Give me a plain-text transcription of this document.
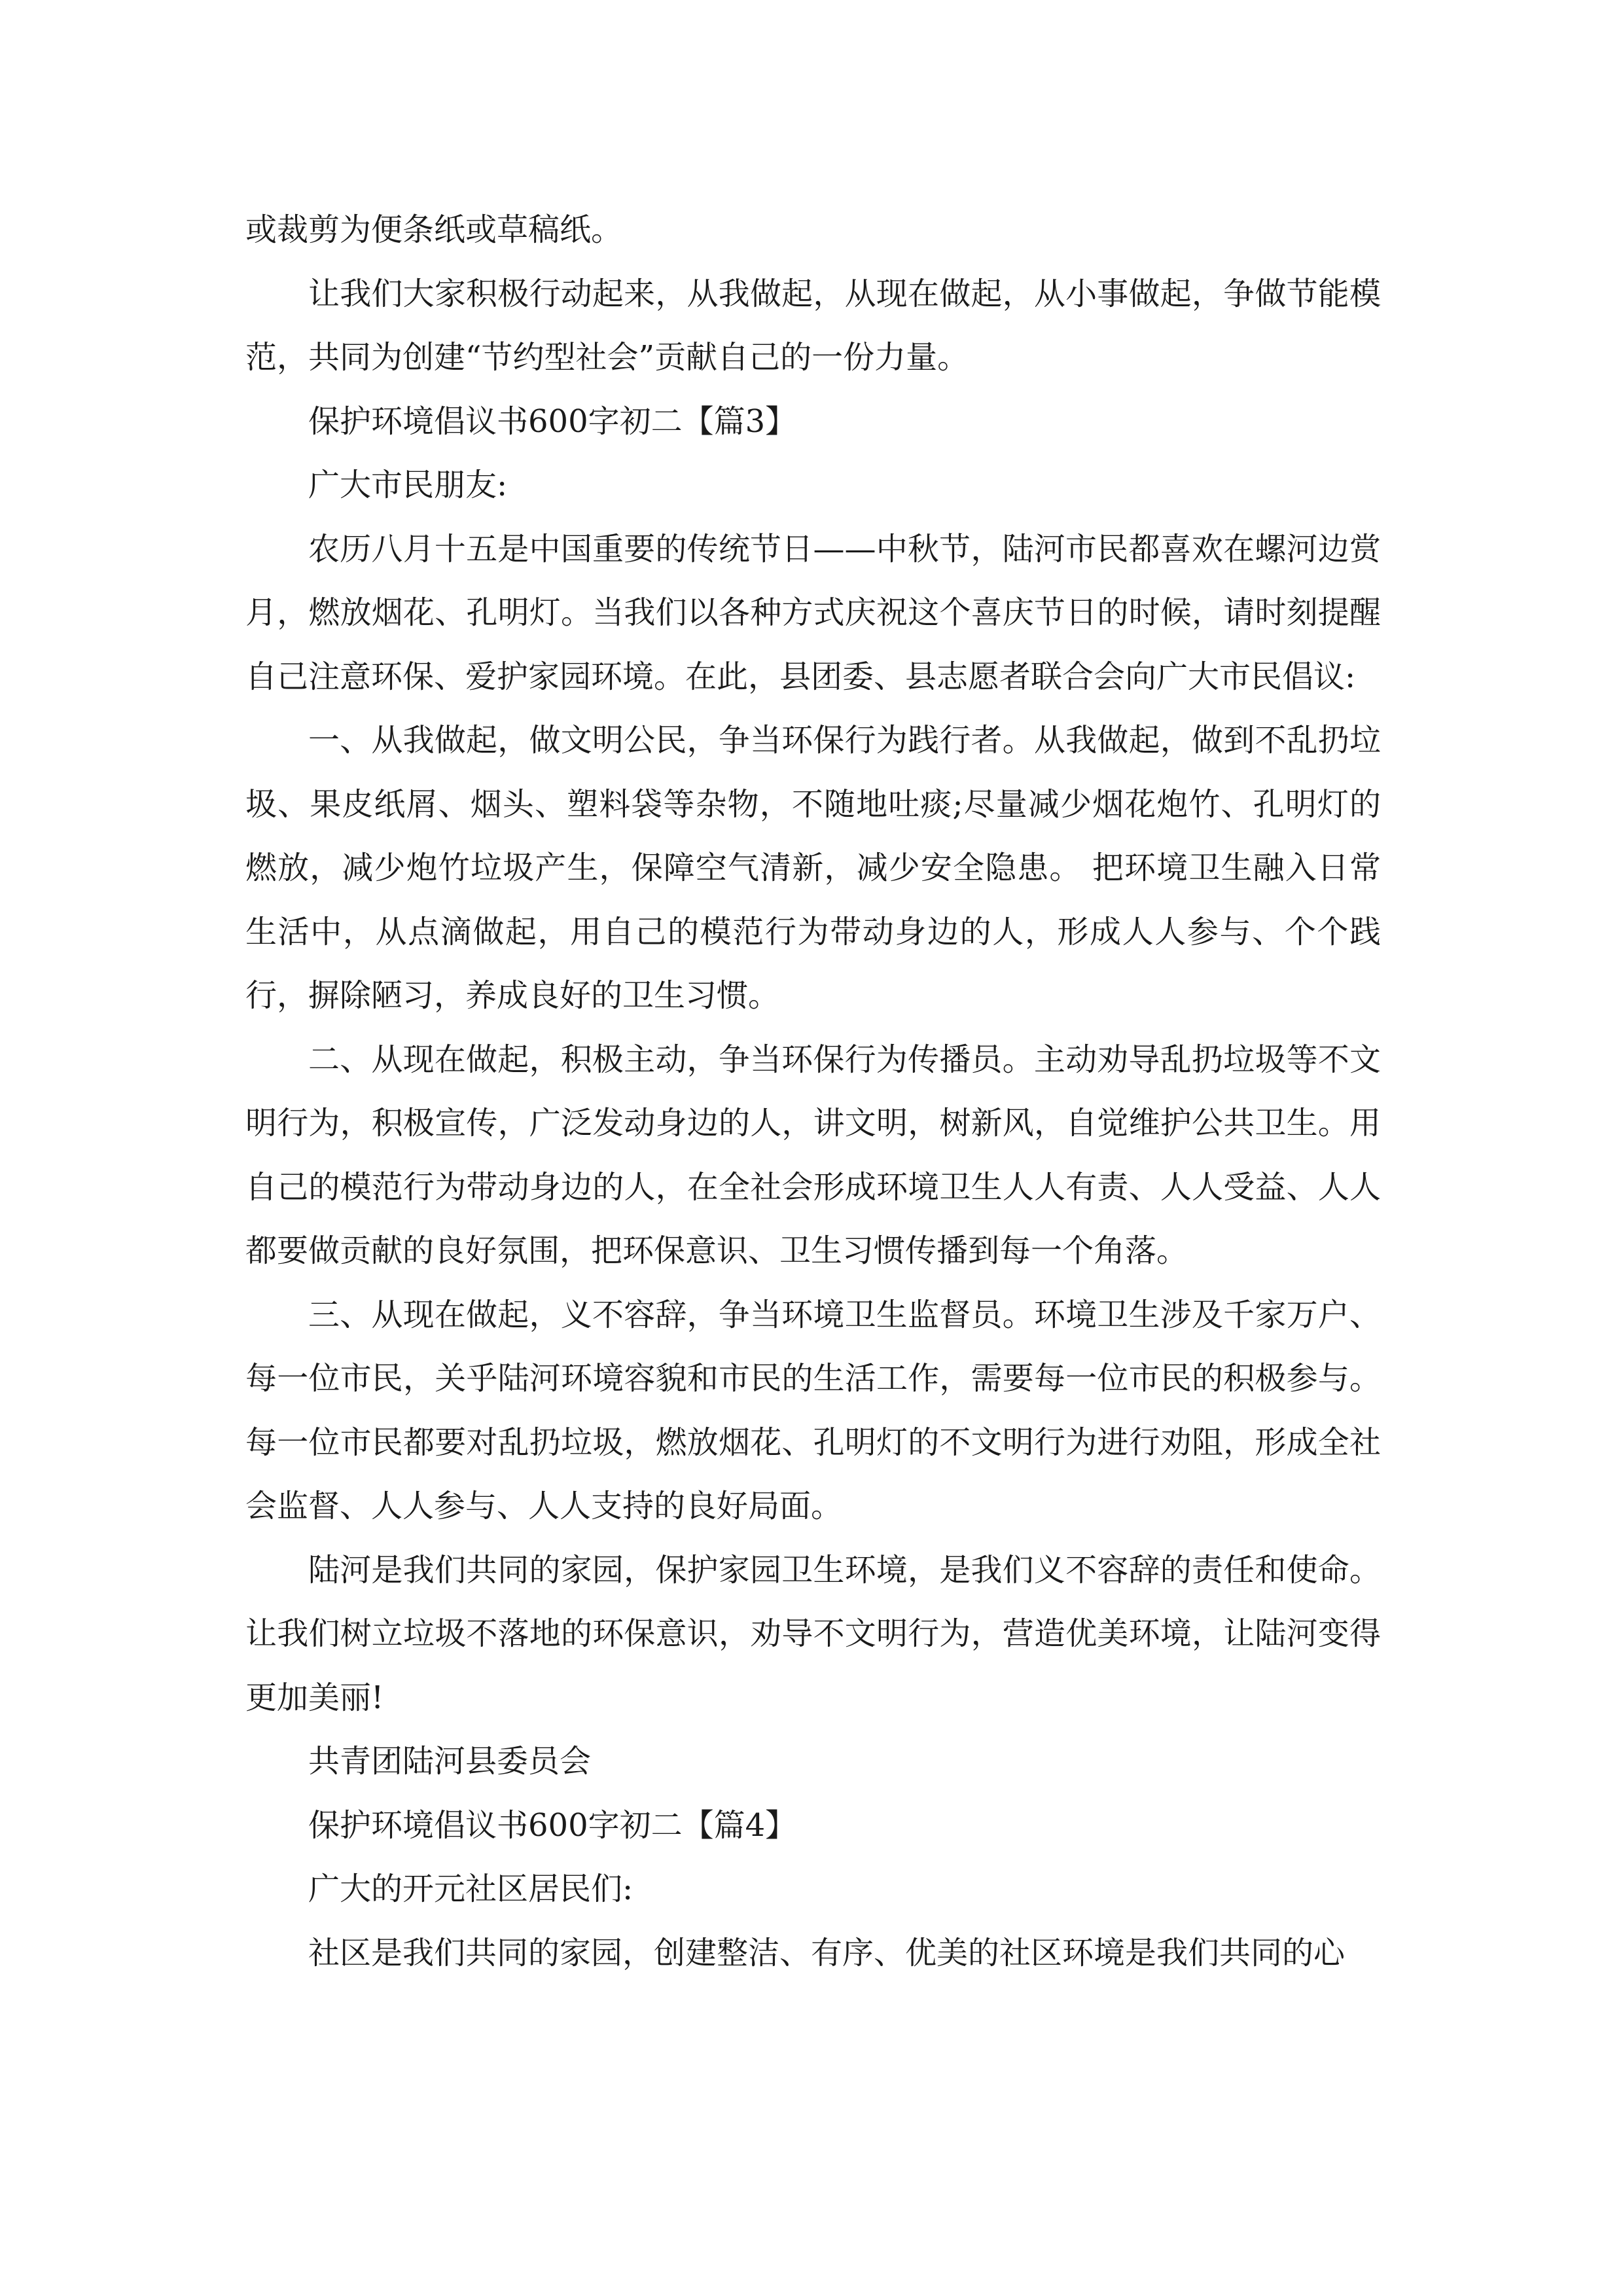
或裁剪为便条纸或草稿纸。

让我们大家积极行动起来，从我做起，从现在做起，从小事做起，争做节能模范，共同为创建“节约型社会”贡献自己的一份力量。

保护环境倡议书600字初二【篇3】

广大市民朋友:

农历八月十五是中国重要的传统节日——中秋节，陆河市民都喜欢在螺河边赏月，燃放烟花、孔明灯。当我们以各种方式庆祝这个喜庆节日的时候，请时刻提醒自己注意环保、爱护家园环境。在此，县团委、县志愿者联合会向广大市民倡议:

一、从我做起，做文明公民，争当环保行为践行者。从我做起，做到不乱扔垃圾、果皮纸屑、烟头、塑料袋等杂物，不随地吐痰;尽量减少烟花炮竹、孔明灯的燃放，减少炮竹垃圾产生，保障空气清新，减少安全隐患。 把环境卫生融入日常生活中，从点滴做起，用自己的模范行为带动身边的人，形成人人参与、个个践行，摒除陋习，养成良好的卫生习惯。

二、从现在做起，积极主动，争当环保行为传播员。主动劝导乱扔垃圾等不文明行为，积极宣传，广泛发动身边的人，讲文明，树新风，自觉维护公共卫生。用自己的模范行为带动身边的人，在全社会形成环境卫生人人有责、人人受益、人人都要做贡献的良好氛围，把环保意识、卫生习惯传播到每一个角落。

三、从现在做起，义不容辞，争当环境卫生监督员。环境卫生涉及千家万户、每一位市民，关乎陆河环境容貌和市民的生活工作，需要每一位市民的积极参与。每一位市民都要对乱扔垃圾，燃放烟花、孔明灯的不文明行为进行劝阻，形成全社会监督、人人参与、人人支持的良好局面。

陆河是我们共同的家园，保护家园卫生环境，是我们义不容辞的责任和使命。让我们树立垃圾不落地的环保意识，劝导不文明行为，营造优美环境，让陆河变得更加美丽!

共青团陆河县委员会

保护环境倡议书600字初二【篇4】

广大的开元社区居民们:

社区是我们共同的家园，创建整洁、有序、优美的社区环境是我们共同的心
